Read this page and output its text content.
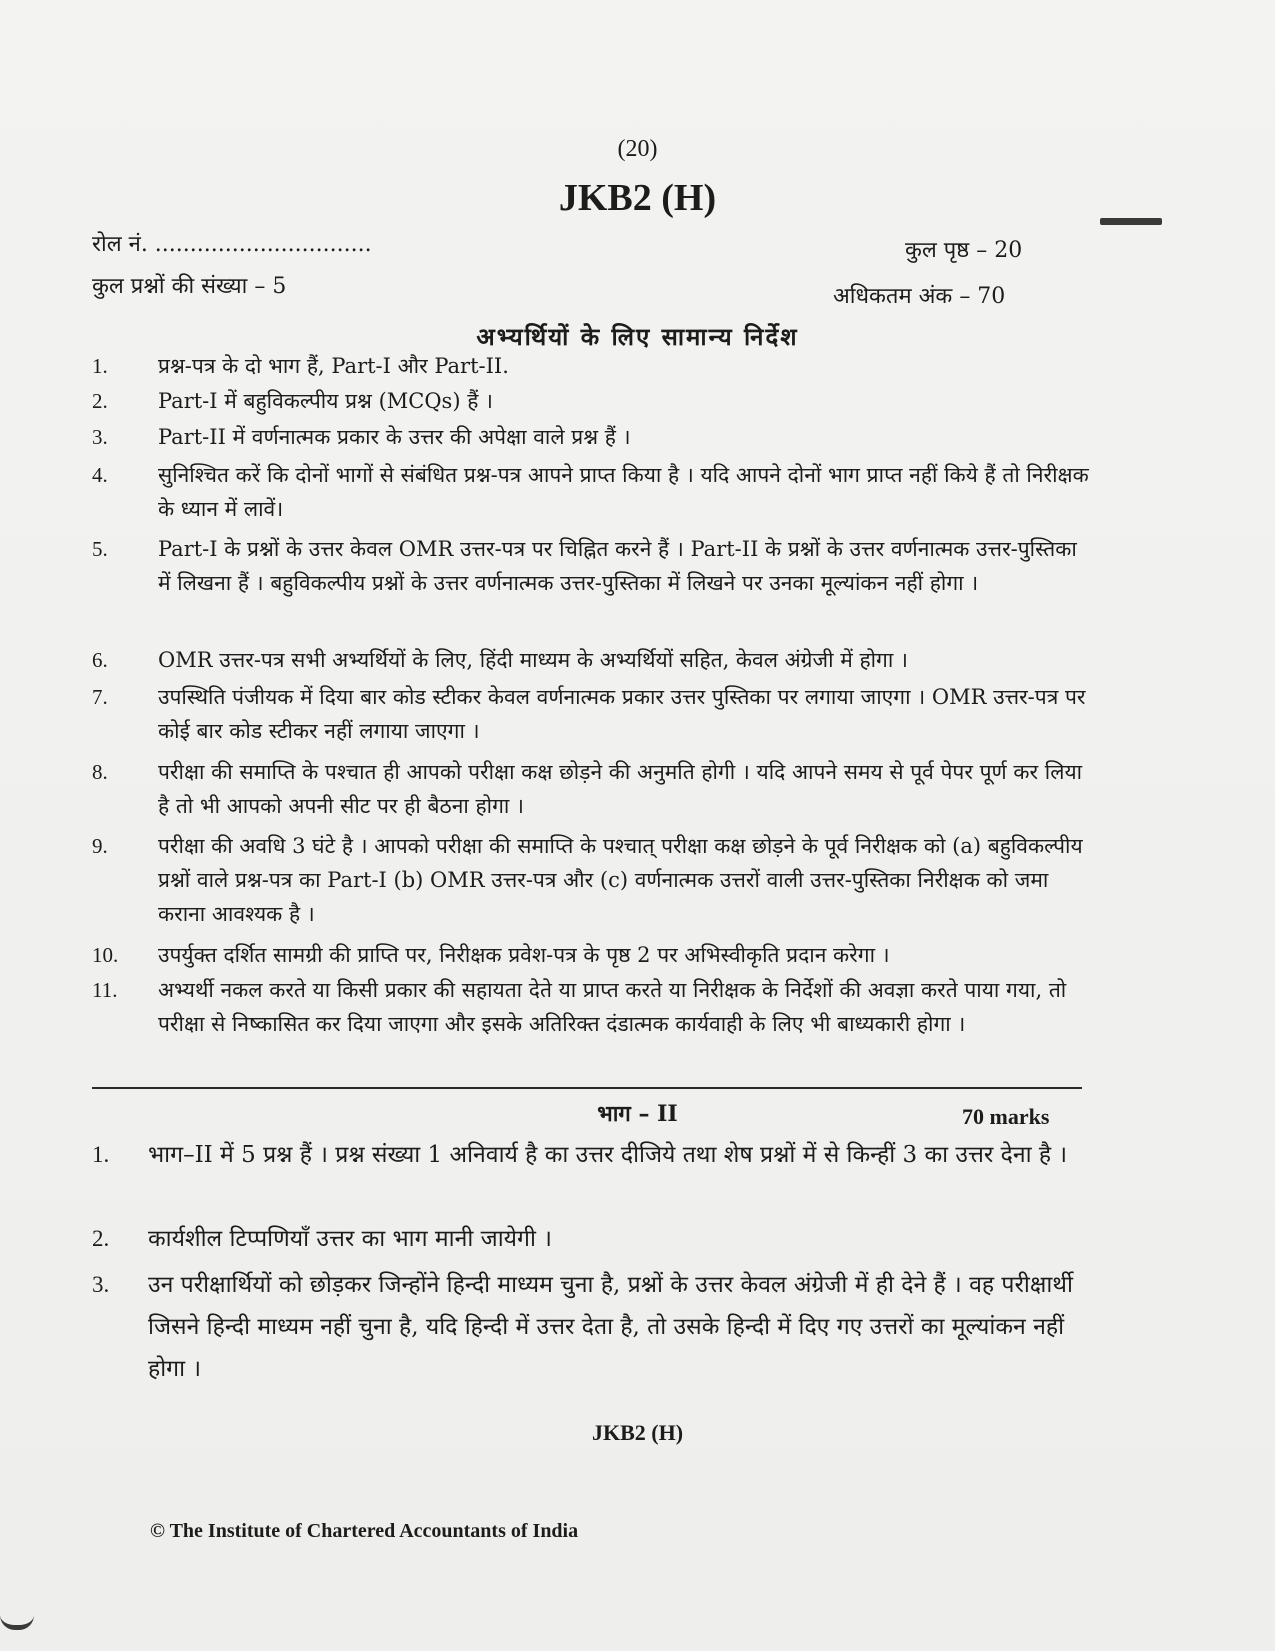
(20)
JKB2 (H)
रोल नं. ...............................	कुल पृष्ठ – 20
कुल प्रश्नों की संख्या – 5	अधिकतम अंक – 70
अभ्यर्थियों के लिए सामान्य निर्देश
1.	प्रश्न-पत्र के दो भाग हैं, Part-I और Part-II.
2.	Part-I में बहुविकल्पीय प्रश्न (MCQs) हैं ।
3.	Part-II में वर्णनात्मक प्रकार के उत्तर की अपेक्षा वाले प्रश्न हैं ।
4.	सुनिश्चित करें कि दोनों भागों से संबंधित प्रश्न-पत्र आपने प्राप्त किया है । यदि आपने दोनों भाग प्राप्त नहीं किये हैं तो निरीक्षक के ध्यान में लावें।
5.	Part-I के प्रश्नों के उत्तर केवल OMR उत्तर-पत्र पर चिह्नित करने हैं । Part-II के प्रश्नों के उत्तर वर्णनात्मक उत्तर-पुस्तिका में लिखना हैं । बहुविकल्पीय प्रश्नों के उत्तर वर्णनात्मक उत्तर-पुस्तिका में लिखने पर उनका मूल्यांकन नहीं होगा ।
6.	OMR उत्तर-पत्र सभी अभ्यर्थियों के लिए, हिंदी माध्यम के अभ्यर्थियों सहित, केवल अंग्रेजी में होगा ।
7.	उपस्थिति पंजीयक में दिया बार कोड स्टीकर केवल वर्णनात्मक प्रकार उत्तर पुस्तिका पर लगाया जाएगा । OMR उत्तर-पत्र पर कोई बार कोड स्टीकर नहीं लगाया जाएगा ।
8.	परीक्षा की समाप्ति के पश्चात ही आपको परीक्षा कक्ष छोड़ने की अनुमति होगी । यदि आपने समय से पूर्व पेपर पूर्ण कर लिया है तो भी आपको अपनी सीट पर ही बैठना होगा ।
9.	परीक्षा की अवधि 3 घंटे है । आपको परीक्षा की समाप्ति के पश्चात् परीक्षा कक्ष छोड़ने के पूर्व निरीक्षक को (a) बहुविकल्पीय प्रश्नों वाले प्रश्न-पत्र का Part-I (b) OMR उत्तर-पत्र और (c) वर्णनात्मक उत्तरों वाली उत्तर-पुस्तिका निरीक्षक को जमा कराना आवश्यक है ।
10.	उपर्युक्त दर्शित सामग्री की प्राप्ति पर, निरीक्षक प्रवेश-पत्र के पृष्ठ 2 पर अभिस्वीकृति प्रदान करेगा ।
11.	अभ्यर्थी नकल करते या किसी प्रकार की सहायता देते या प्राप्त करते या निरीक्षक के निर्देशों की अवज्ञा करते पाया गया, तो परीक्षा से निष्कासित कर दिया जाएगा और इसके अतिरिक्त दंडात्मक कार्यवाही के लिए भी बाध्यकारी होगा ।
भाग – II	70 marks
1. भाग–II में 5 प्रश्न हैं । प्रश्न संख्या 1 अनिवार्य है का उत्तर दीजिये तथा शेष प्रश्नों में से किन्हीं 3 का उत्तर देना है ।
2. कार्यशील टिप्पणियाँ उत्तर का भाग मानी जायेगी ।
3. उन परीक्षार्थियों को छोड़कर जिन्होंने हिन्दी माध्यम चुना है, प्रश्नों के उत्तर केवल अंग्रेजी में ही देने हैं । वह परीक्षार्थी जिसने हिन्दी माध्यम नहीं चुना है, यदि हिन्दी में उत्तर देता है, तो उसके हिन्दी में दिए गए उत्तरों का मूल्यांकन नहीं होगा ।
JKB2 (H)
© The Institute of Chartered Accountants of India
